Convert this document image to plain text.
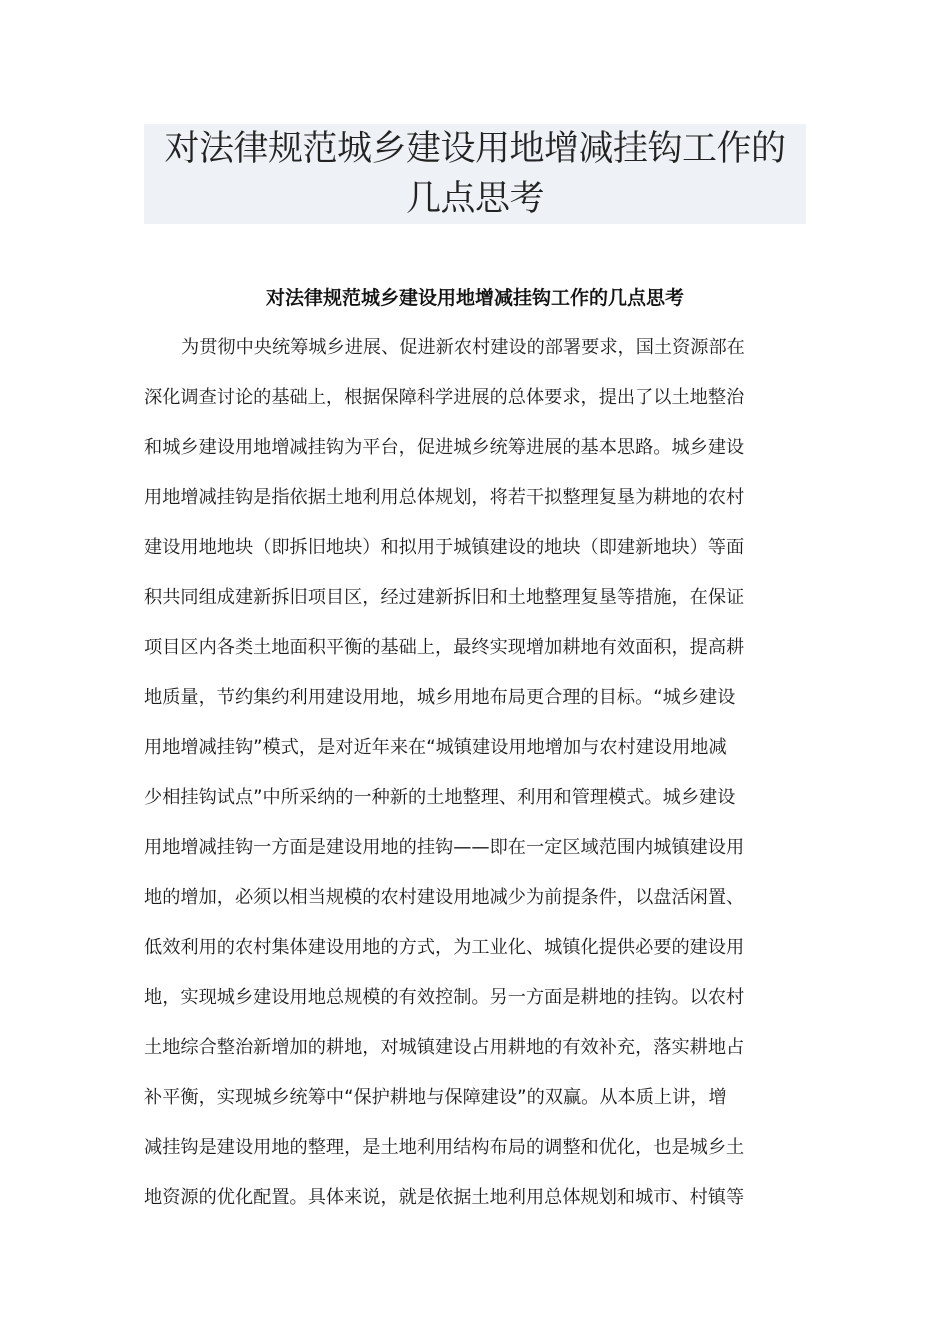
对法律规范城乡建设用地增减挂钩工作的几点思考
对法律规范城乡建设用地增减挂钩工作的几点思考
为贯彻中央统筹城乡进展、促进新农村建设的部署要求，国土资源部在
深化调查讨论的基础上，根据保障科学进展的总体要求，提出了以土地整治
和城乡建设用地增减挂钩为平台，促进城乡统筹进展的基本思路。城乡建设
用地增减挂钩是指依据土地利用总体规划，将若干拟整理复垦为耕地的农村
建设用地地块（即拆旧地块）和拟用于城镇建设的地块（即建新地块）等面
积共同组成建新拆旧项目区，经过建新拆旧和土地整理复垦等措施，在保证
项目区内各类土地面积平衡的基础上，最终实现增加耕地有效面积，提高耕
地质量，节约集约利用建设用地，城乡用地布局更合理的目标。“城乡建设
用地增减挂钩”模式，是对近年来在“城镇建设用地增加与农村建设用地减
少相挂钩试点”中所采纳的一种新的土地整理、利用和管理模式。城乡建设
用地增减挂钩一方面是建设用地的挂钩——即在一定区域范围内城镇建设用
地的增加，必须以相当规模的农村建设用地减少为前提条件，以盘活闲置、
低效利用的农村集体建设用地的方式，为工业化、城镇化提供必要的建设用
地，实现城乡建设用地总规模的有效控制。另一方面是耕地的挂钩。以农村
土地综合整治新增加的耕地，对城镇建设占用耕地的有效补充，落实耕地占
补平衡，实现城乡统筹中“保护耕地与保障建设”的双赢。从本质上讲，增
减挂钩是建设用地的整理，是土地利用结构布局的调整和优化，也是城乡土
地资源的优化配置。具体来说，就是依据土地利用总体规划和城市、村镇等
